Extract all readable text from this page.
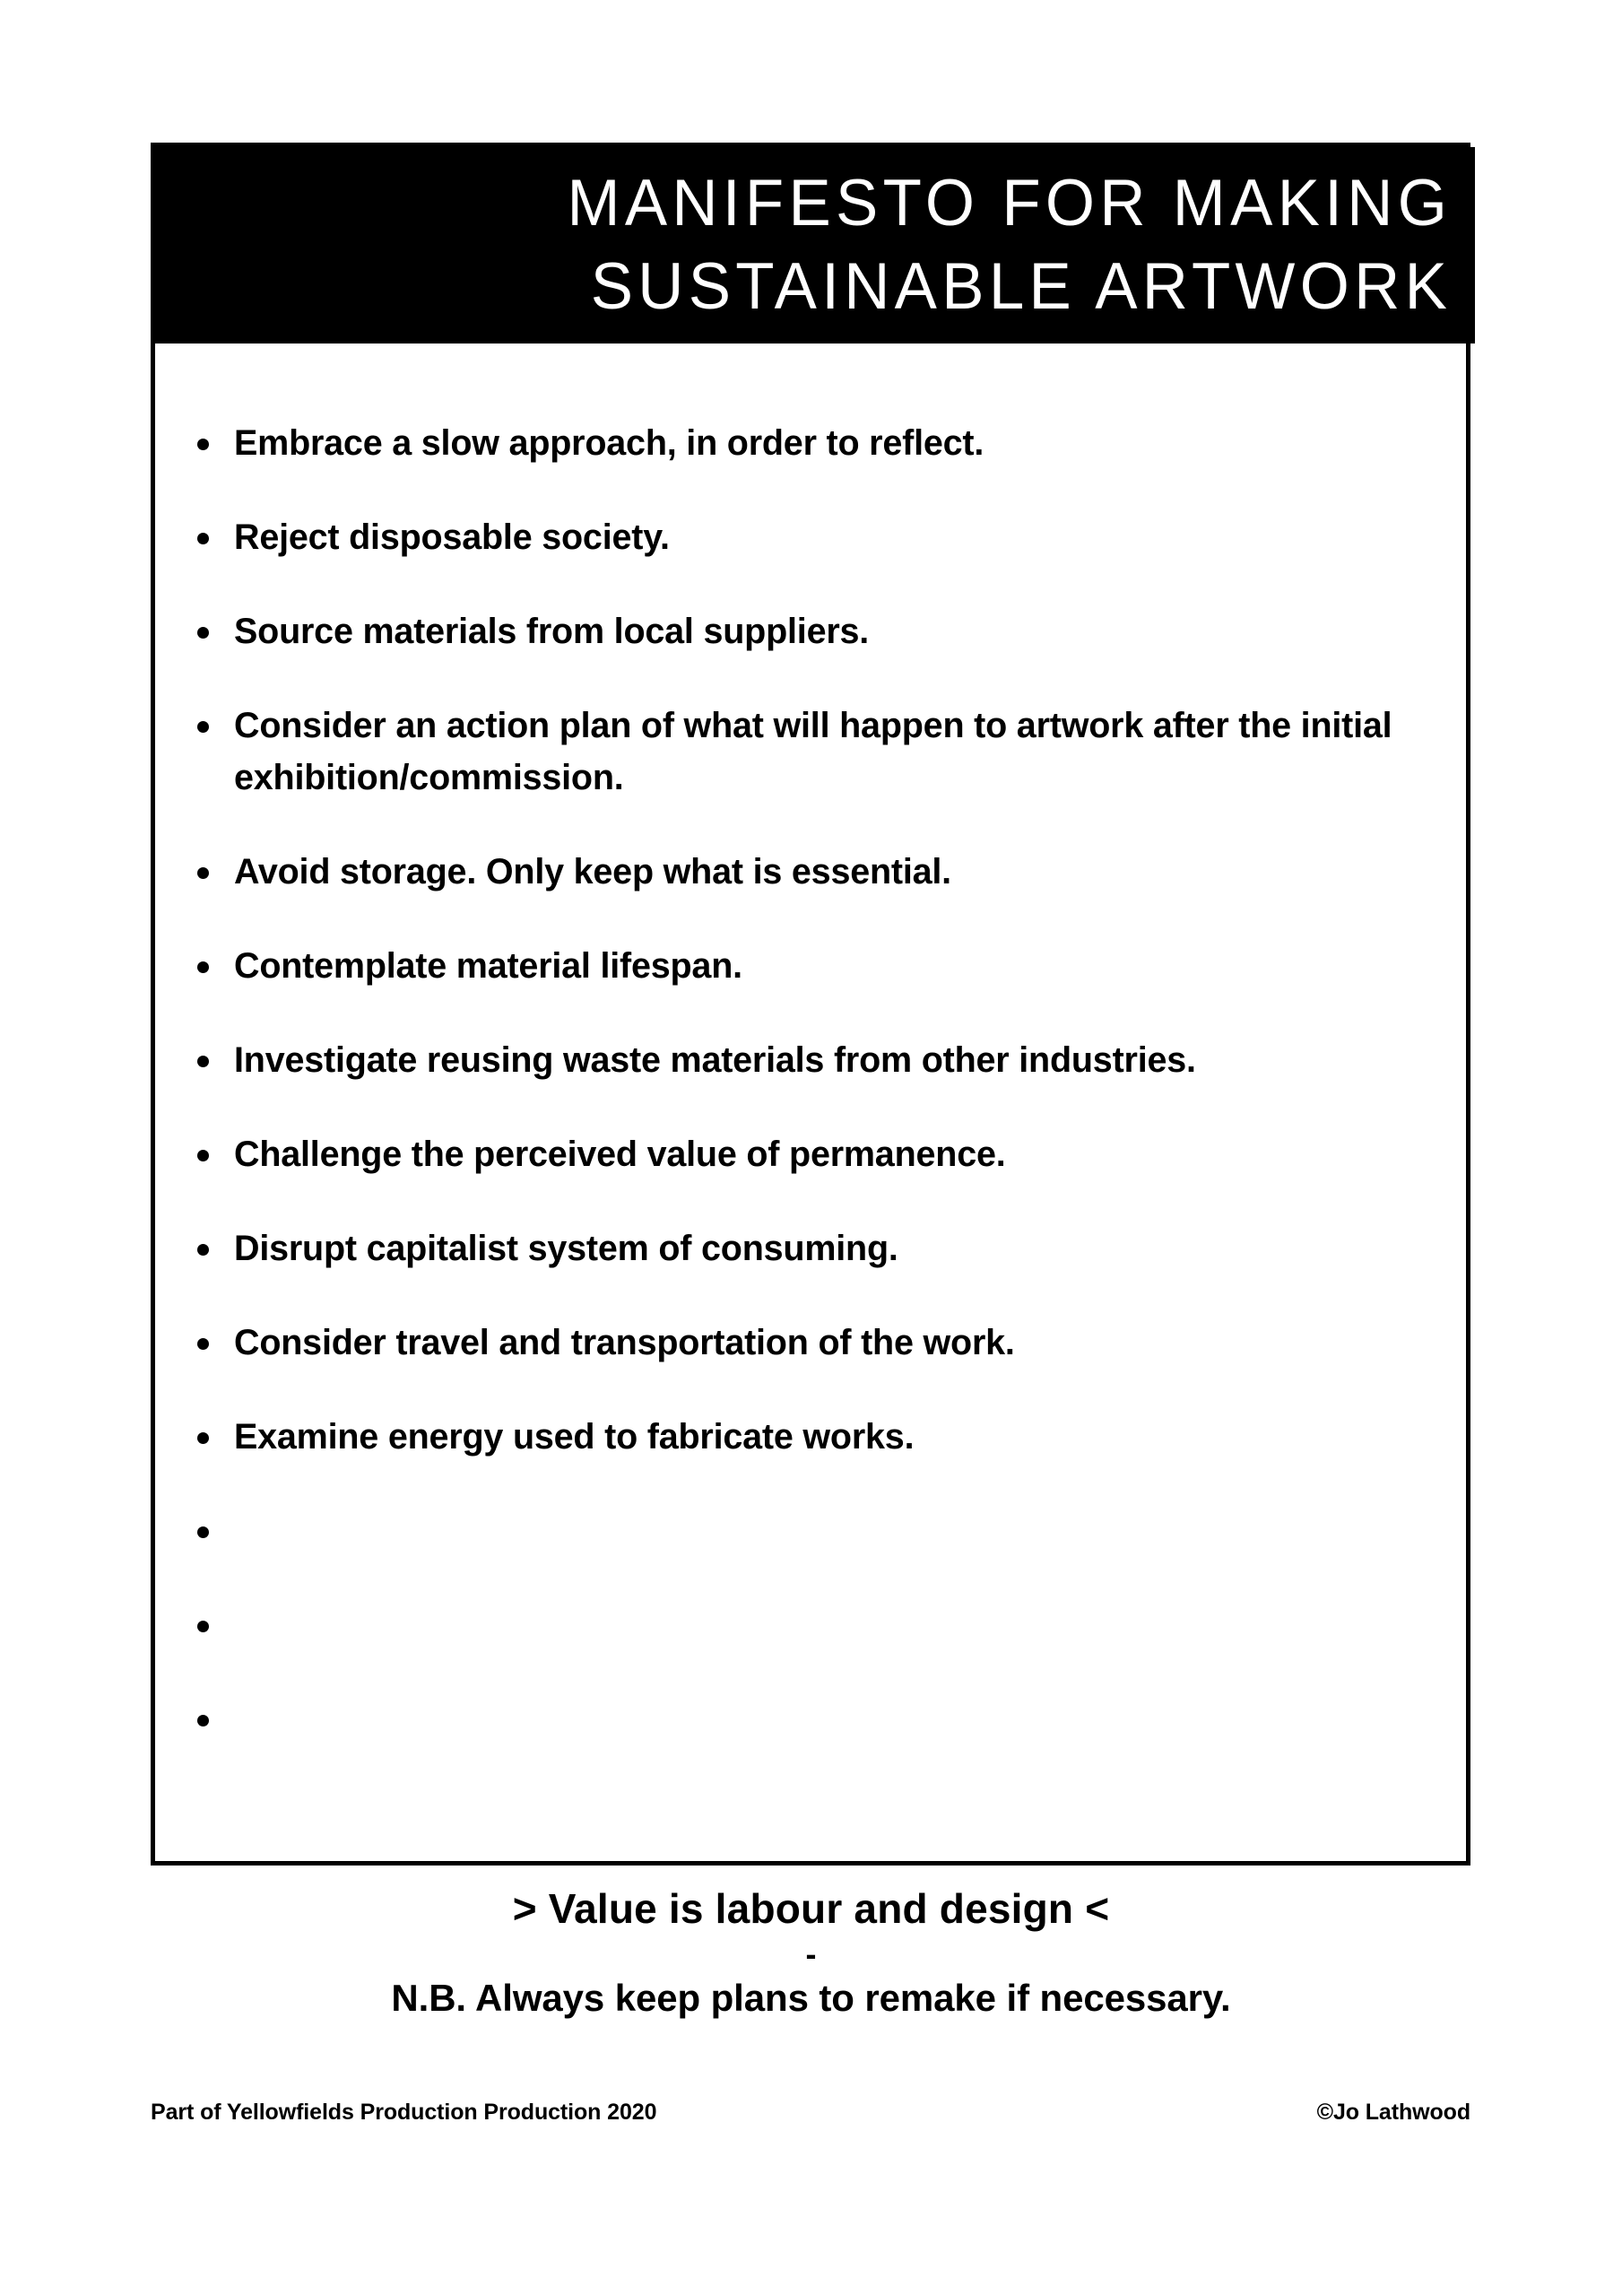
MANIFESTO FOR MAKING
SUSTAINABLE ARTWORK
Embrace a slow approach, in order to reflect.
Reject disposable society.
Source materials from local suppliers.
Consider an action plan of what will happen to artwork after the initial exhibition/commission.
Avoid storage. Only keep what is essential.
Contemplate material lifespan.
Investigate reusing waste materials from other industries.
Challenge the perceived value of permanence.
Disrupt capitalist system of consuming.
Consider travel and transportation of the work.
Examine energy used to fabricate works.
> Value is labour and design <
-
N.B. Always keep plans to remake if necessary.
Part of Yellowfields Production Production 2020	©Jo Lathwood
